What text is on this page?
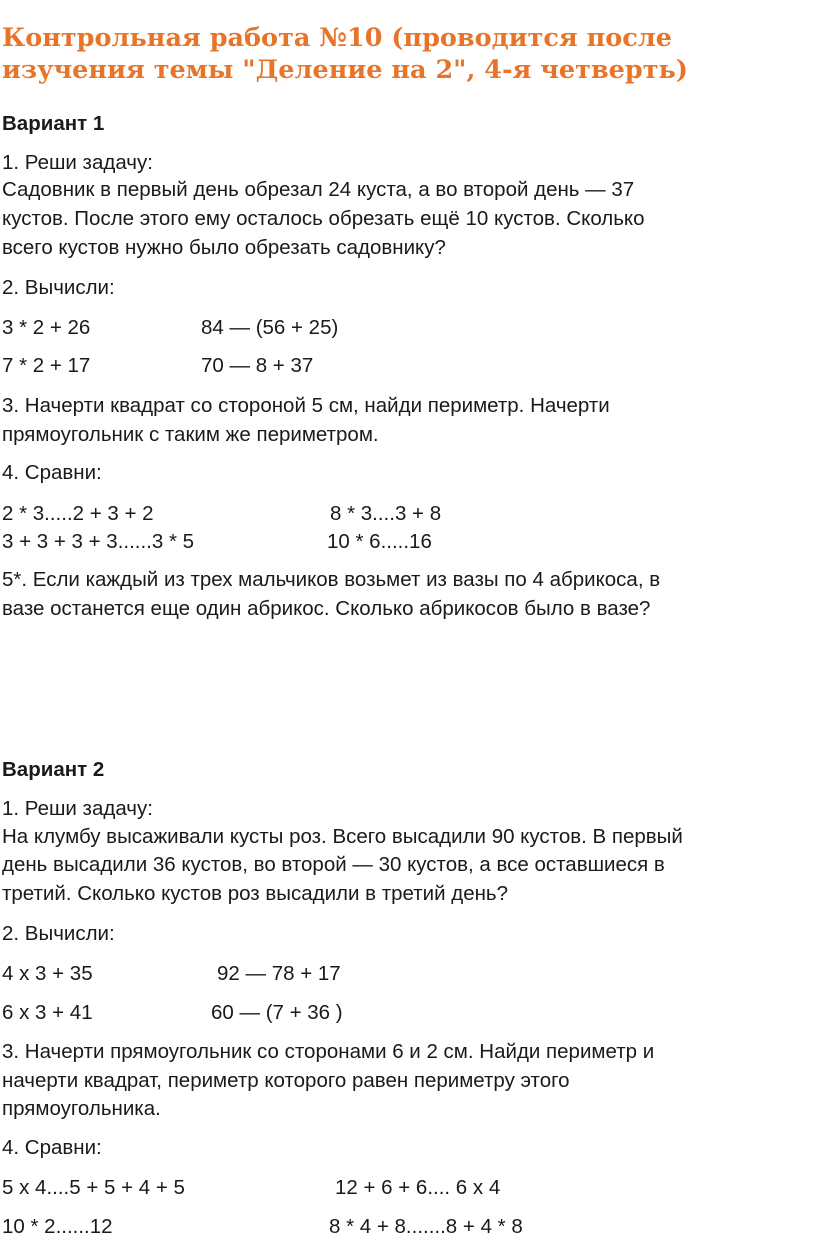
Контрольная работа №10 (проводится после
изучения темы "Деление на 2", 4-я четверть)

Вариант 1

1. Реши задачу:

Садовник в первый день обрезал 24 куста, а во второй день — 37

кустов. После этого ему осталось обрезать ещё 10 кустов. Сколько

всего кустов нужно было обрезать садовнику?

2. Вычисли:

3 * 2 + 26	84 — (56 + 25)

7 * 2 + 17	70 — 8 + 37

3. Начерти квадрат со стороной 5 см, найди периметр. Начерти

прямоугольник с таким же периметром.

4. Сравни:

2 * 3.....2 + 3 + 2	8 * 3....3 + 8

3 + 3 + 3 + 3......3 * 5	10 * 6.....16

5*. Если каждый из трех мальчиков возьмет из вазы по 4 абрикоса, в

вазе останется еще один абрикос. Сколько абрикосов было в вазе?

Вариант 2

1. Реши задачу:

На клумбу высаживали кусты роз. Всего высадили 90 кустов. В первый

день высадили 36 кустов, во второй — 30 кустов, а все оставшиеся в

третий. Сколько кустов роз высадили в третий день?

2. Вычисли:

4 x 3 + 35	92 — 78 + 17

6 x 3 + 41	60 — (7 + 36 )

3. Начерти прямоугольник со сторонами 6 и 2 см. Найди периметр и

начерти квадрат, периметр которого равен периметру этого

прямоугольника.

4. Сравни:

5 x 4....5 + 5 + 4 + 5	12 + 6 + 6.... 6 x 4

10 * 2......12	8 * 4 + 8.......8 + 4 * 8
